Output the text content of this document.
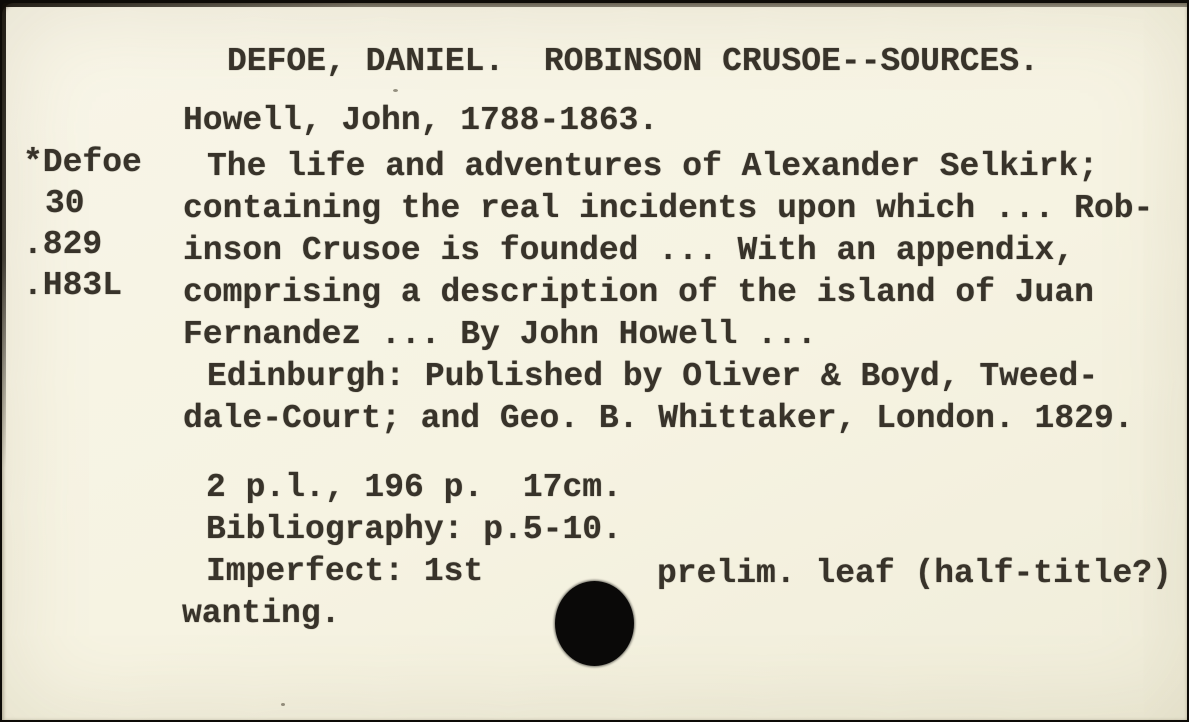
DEFOE, DANIEL.  ROBINSON CRUSOE--SOURCES.
*Defoe
30
.829
.H83L
Howell, John, 1788-1863.
The life and adventures of Alexander Selkirk;
containing the real incidents upon which ... Rob-
inson Crusoe is founded ... With an appendix,
comprising a description of the island of Juan
Fernandez ... By John Howell ...
Edinburgh: Published by Oliver & Boyd, Tweed-
dale-Court; and Geo. B. Whittaker, London. 1829.
2 p.l., 196 p.  17cm.
Bibliography: p.5-10.
Imperfect: 1st	prelim. leaf (half-title?)
wanting.
